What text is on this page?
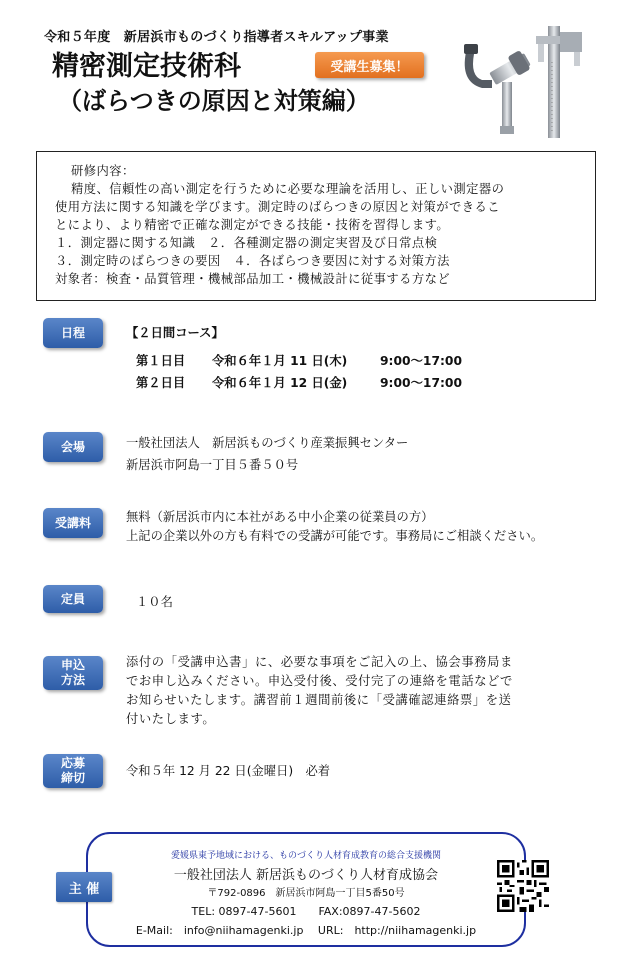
令和５年度　新居浜市ものづくり指導者スキルアップ事業
精密測定技術科
（ばらつきの原因と対策編）
受講生募集！
研修内容：
精度、信頼性の高い測定を行うために必要な理論を活用し、正しい測定器の
使用方法に関する知識を学びます。測定時のばらつきの原因と対策ができるこ
とにより、より精密で正確な測定ができる技能・技術を習得します。
１．測定器に関する知識　２．各種測定器の測定実習及び日常点検
３．測定時のばらつきの要因　４．各ばらつき要因に対する対策方法
対象者：検査・品質管理・機械部品加工・機械設計に従事する方など
日程	【２日間コース】
第１日目 令和６年１月 11 日(木)	9:00～17:00
第２日目 令和６年１月 12 日(金)	9:00～17:00
会場	一般社団法人　新居浜ものづくり産業振興センター
新居浜市阿島一丁目５番５０号
受講料	無料（新居浜市内に本社がある中小企業の従業員の方）
上記の企業以外の方も有料での受講が可能です。事務局にご相談ください。
定員	１０名
申込
方法
添付の「受講申込書」に、必要な事項をご記入の上、協会事務局ま
でお申し込みください。申込受付後、受付完了の連絡を電話などで
お知らせいたします。講習前１週間前後に「受講確認連絡票」を送
付いたします。
応募
締切	令和５年 12 月 22 日(金曜日)　必着
主 催
愛媛県東予地域における、ものづくり人材育成教育の総合支援機関
一般社団法人 新居浜ものづくり人材育成協会
〒792-0896　新居浜市阿島一丁目5番50号
TEL: 0897-47-5601　　FAX:0897-47-5602
E-Mail:　info@niihamagenki.jp　 URL:　http://niihamagenki.jp
